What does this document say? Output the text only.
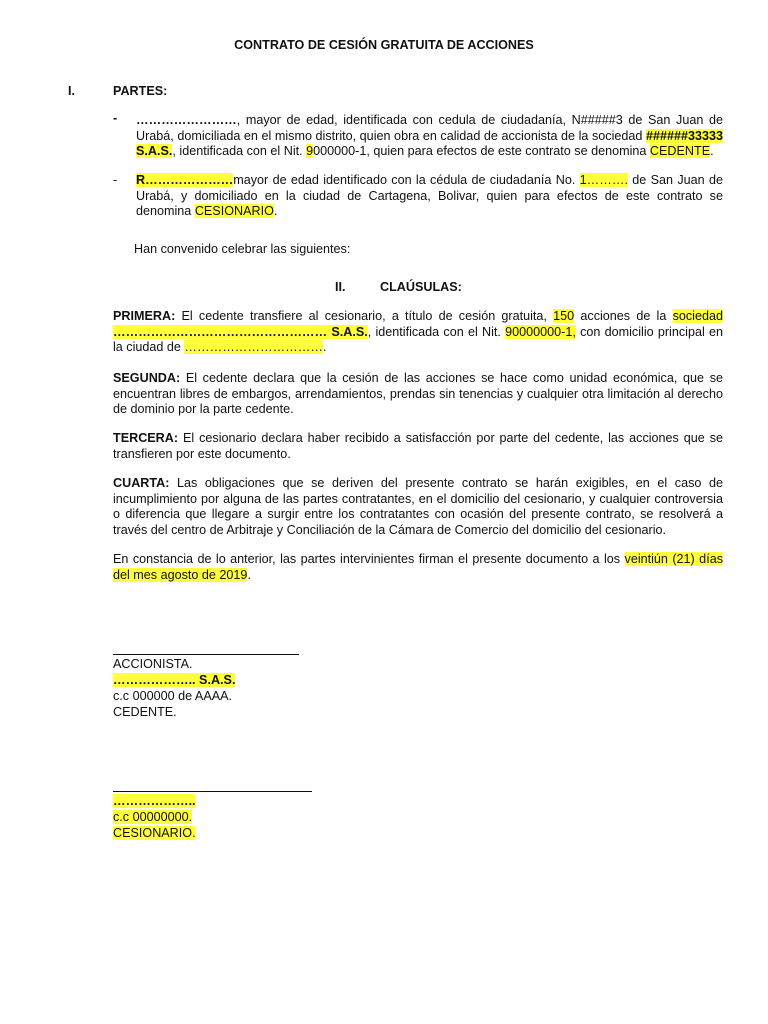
CONTRATO DE CESIÓN GRATUITA DE ACCIONES
I.	PARTES:
- ……………………, mayor de edad, identificada con cedula de ciudadanía, N#####3 de San Juan de Urabá, domiciliada en el mismo distrito, quien obra en calidad de accionista de la sociedad ######33333 S.A.S., identificada con el Nit. 9000000-1, quien para efectos de este contrato se denomina CEDENTE.
- R…………………mayor de edad identificado con la cédula de ciudadanía No. 1………. de San Juan de Urabá, y domiciliado en la ciudad de Cartagena, Bolivar, quien para efectos de este contrato se denomina CESIONARIO.
Han convenido celebrar las siguientes:
II.	CLAÚSULAS:
PRIMERA: El cedente transfiere al cesionario, a título de cesión gratuita, 150 acciones de la sociedad …………………………………………… S.A.S., identificada con el Nit. 90000000-1, con domicilio principal en la ciudad de …………………………….
SEGUNDA: El cedente declara que la cesión de las acciones se hace como unidad económica, que se encuentran libres de embargos, arrendamientos, prendas sin tenencias y cualquier otra limitación al derecho de dominio por la parte cedente.
TERCERA: El cesionario declara haber recibido a satisfacción por parte del cedente, las acciones que se transfieren por este documento.
CUARTA: Las obligaciones que se deriven del presente contrato se harán exigibles, en el caso de incumplimiento por alguna de las partes contratantes, en el domicilio del cesionario, y cualquier controversia o diferencia que llegare a surgir entre los contratantes con ocasión del presente contrato, se resolverá a través del centro de Arbitraje y Conciliación de la Cámara de Comercio del domicilio del cesionario.
En constancia de lo anterior, las partes intervinientes firman el presente documento a los veintiún (21) días del mes agosto de 2019.
ACCIONISTA.
……………….. S.A.S.
c.c 000000 de AAAA.
CEDENTE.
………………..
c.c 00000000.
CESIONARIO.
